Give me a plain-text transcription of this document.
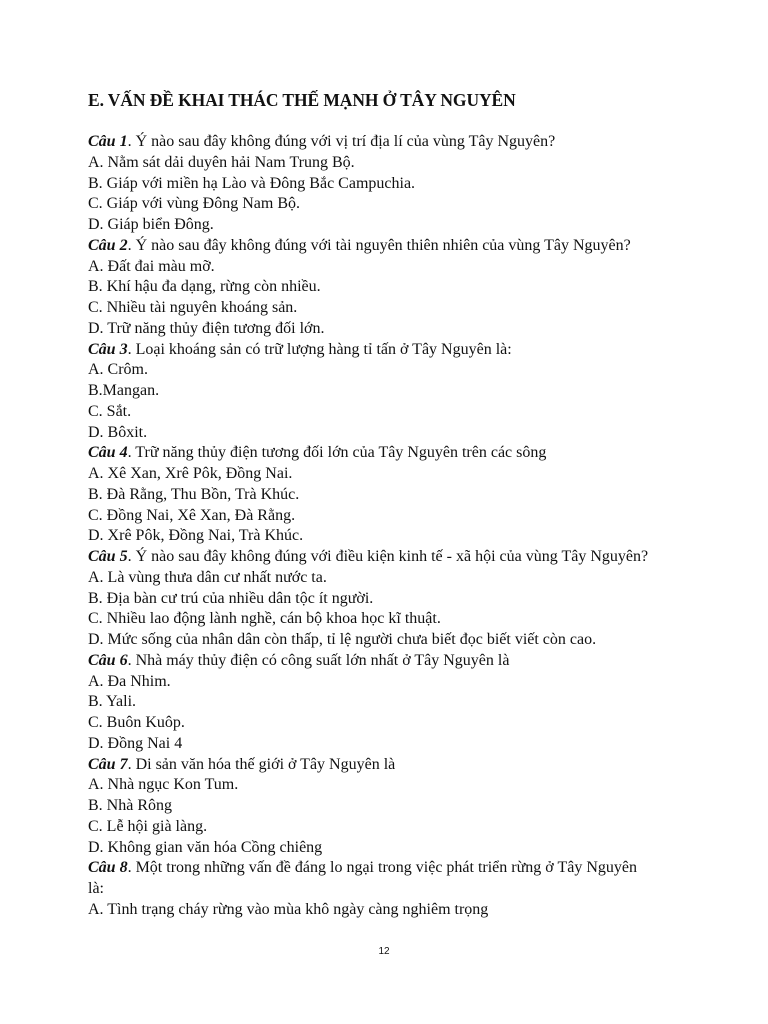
E. VẤN ĐỀ KHAI THÁC THẾ MẠNH Ở TÂY NGUYÊN
Câu 1. Ý nào sau đây không đúng với vị trí địa lí của vùng Tây Nguyên?
A. Nằm sát dải duyên hải Nam Trung Bộ.
B. Giáp với miền hạ Lào và Đông Bắc Campuchia.
C. Giáp với vùng Đông Nam Bộ.
D. Giáp biển Đông.
Câu 2. Ý nào sau đây không đúng với tài nguyên thiên nhiên của vùng Tây Nguyên?
A. Đất đai màu mỡ.
B. Khí hậu đa dạng, rừng còn nhiều.
C. Nhiều tài nguyên khoáng sản.
D. Trữ năng thủy điện tương đối lớn.
Câu 3. Loại khoáng sản có trữ lượng hàng tỉ tấn ở Tây Nguyên là:
A. Crôm.
B.Mangan.
C. Sắt.
D. Bôxit.
Câu 4. Trữ năng thủy điện tương đối lớn của Tây Nguyên trên các sông
A. Xê Xan, Xrê Pôk, Đồng Nai.
B. Đà Rằng, Thu Bồn, Trà Khúc.
C. Đồng Nai, Xê Xan, Đà Rằng.
D. Xrê Pôk, Đồng Nai, Trà Khúc.
Câu 5. Ý nào sau đây không đúng với điều kiện kinh tế - xã hội của vùng Tây Nguyên?
A. Là vùng thưa dân cư nhất nước ta.
B. Địa bàn cư trú của nhiều dân tộc ít người.
C. Nhiều lao động lành nghề, cán bộ khoa học kĩ thuật.
D. Mức sống của nhân dân còn thấp, tỉ lệ người chưa biết đọc biết viết còn cao.
Câu 6. Nhà máy thủy điện có công suất lớn nhất ở Tây Nguyên là
A. Đa Nhim.
B. Yali.
C. Buôn Kuôp.
D. Đồng Nai 4
Câu 7. Di sản văn hóa thế giới ở Tây Nguyên là
A. Nhà ngục Kon Tum.
B. Nhà Rông
C. Lễ hội già làng.
D. Không gian văn hóa Cồng chiêng
Câu 8. Một trong những vấn đề đáng lo ngại trong việc phát triển rừng ở Tây Nguyên
là:
A. Tình trạng cháy rừng vào mùa khô ngày càng nghiêm trọng
12
